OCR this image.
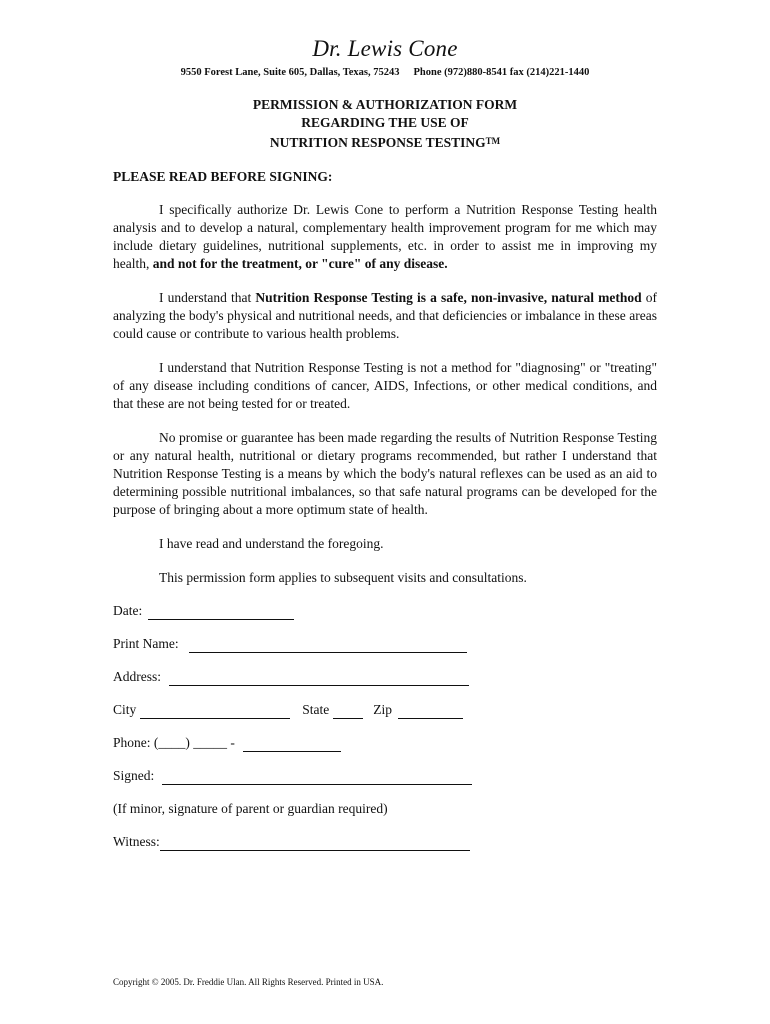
Dr. Lewis Cone
9550 Forest Lane, Suite 605, Dallas, Texas, 75243 Phone (972)880-8541 fax (214)221-1440
PERMISSION & AUTHORIZATION FORM
REGARDING THE USE OF
NUTRITION RESPONSE TESTING™
PLEASE READ BEFORE SIGNING:
I specifically authorize Dr. Lewis Cone to perform a Nutrition Response Testing health analysis and to develop a natural, complementary health improvement program for me which may include dietary guidelines, nutritional supplements, etc. in order to assist me in improving my health, and not for the treatment, or "cure" of any disease.
I understand that Nutrition Response Testing is a safe, non-invasive, natural method of analyzing the body's physical and nutritional needs, and that deficiencies or imbalance in these areas could cause or contribute to various health problems.
I understand that Nutrition Response Testing is not a method for "diagnosing" or "treating" of any disease including conditions of cancer, AIDS, Infections, or other medical conditions, and that these are not being tested for or treated.
No promise or guarantee has been made regarding the results of Nutrition Response Testing or any natural health, nutritional or dietary programs recommended, but rather I understand that Nutrition Response Testing is a means by which the body's natural reflexes can be used as an aid to determining possible nutritional imbalances, so that safe natural programs can be developed for the purpose of bringing about a more optimum state of health.
I have read and understand the foregoing.
This permission form applies to subsequent visits and consultations.
Date:
Print Name:
Address:
City	State	Zip
Phone: (____) _____ -
Signed:
(If minor, signature of parent or guardian required)
Witness:
Copyright © 2005. Dr. Freddie Ulan. All Rights Reserved. Printed in USA.
